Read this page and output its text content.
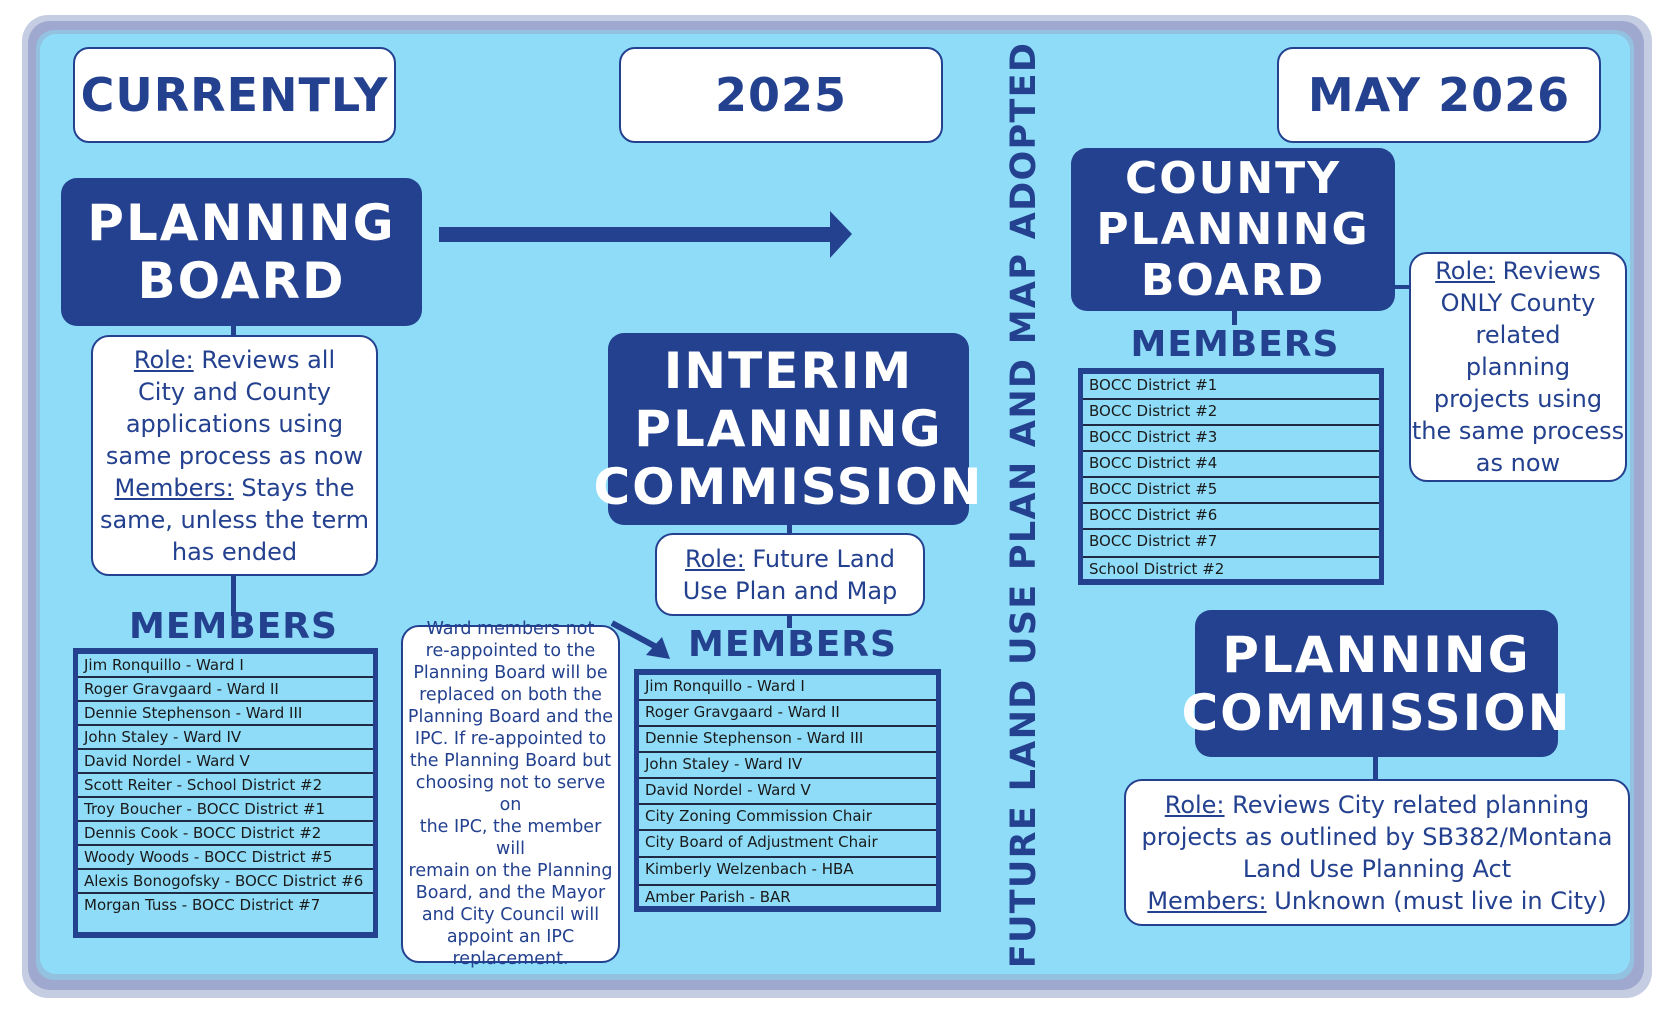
CURRENTLY	2025	MAY 2026
FUTURE LAND USE PLAN AND MAP ADOPTED
PLANNING
BOARD
Role: Reviews all
City and County
applications using
same process as now
Members: Stays the
same, unless the term
has ended
MEMBERS
Jim Ronquillo - Ward I
Roger Gravgaard - Ward II
Dennie Stephenson - Ward III
John Staley - Ward IV
David Nordel - Ward V
Scott Reiter - School District #2
Troy Boucher - BOCC District #1
Dennis Cook - BOCC District #2
Woody Woods - BOCC District #5
Alexis Bonogofsky - BOCC District #6
Morgan Tuss - BOCC District #7
Ward members not
re-appointed to the
Planning Board will be
replaced on both the
Planning Board and the
IPC. If re-appointed to
the Planning Board but
choosing not to serve on
the IPC, the member will
remain on the Planning
Board, and the Mayor
and City Council will
appoint an IPC
replacement.
INTERIM
PLANNING
COMMISSION
Role: Future Land
Use Plan and Map
MEMBERS
Jim Ronquillo - Ward I
Roger Gravgaard - Ward II
Dennie Stephenson - Ward III
John Staley - Ward IV
David Nordel - Ward V
City Zoning Commission Chair
City Board of Adjustment Chair
Kimberly Welzenbach - HBA
Amber Parish - BAR
COUNTY
PLANNING
BOARD	Role: Reviews
ONLY County
related
planning
projects using
the same process
as now
MEMBERS
BOCC District #1
BOCC District #2
BOCC District #3
BOCC District #4
BOCC District #5
BOCC District #6
BOCC District #7
School District #2
PLANNING
COMMISSION
Role: Reviews City related planning
projects as outlined by SB382/Montana
Land Use Planning Act
Members: Unknown (must live in City)
